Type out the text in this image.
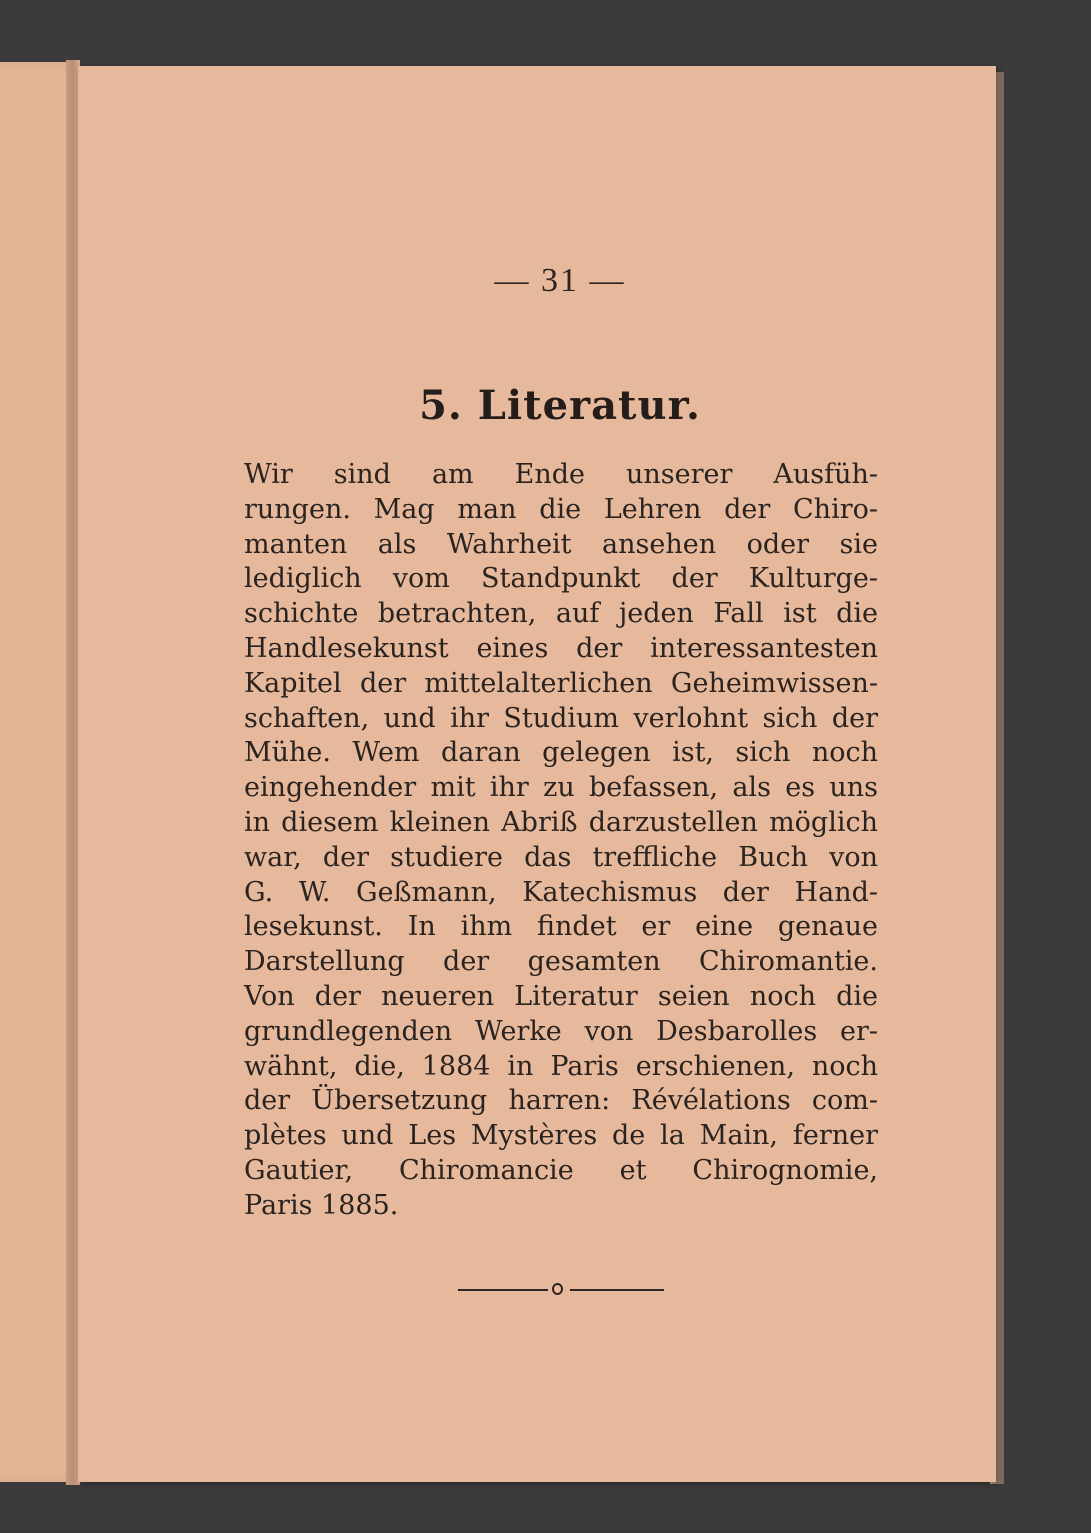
— 31 —
5. Literatur.
Wir sind am Ende unserer Ausfüh-
rungen. Mag man die Lehren der Chiro-
manten als Wahrheit ansehen oder sie
lediglich vom Standpunkt der Kulturge-
schichte betrachten, auf jeden Fall ist die
Handlesekunst eines der interessantesten
Kapitel der mittelalterlichen Geheimwissen-
schaften, und ihr Studium verlohnt sich der
Mühe. Wem daran gelegen ist, sich noch
eingehender mit ihr zu befassen, als es uns
in diesem kleinen Abriß darzustellen möglich
war, der studiere das treffliche Buch von
G. W. Geßmann, Katechismus der Hand-
lesekunst. In ihm findet er eine genaue
Darstellung der gesamten Chiromantie.
Von der neueren Literatur seien noch die
grundlegenden Werke von Desbarolles er-
wähnt, die, 1884 in Paris erschienen, noch
der Übersetzung harren: Révélations com-
plètes und Les Mystères de la Main, ferner
Gautier, Chiromancie et Chirognomie,
Paris 1885.
